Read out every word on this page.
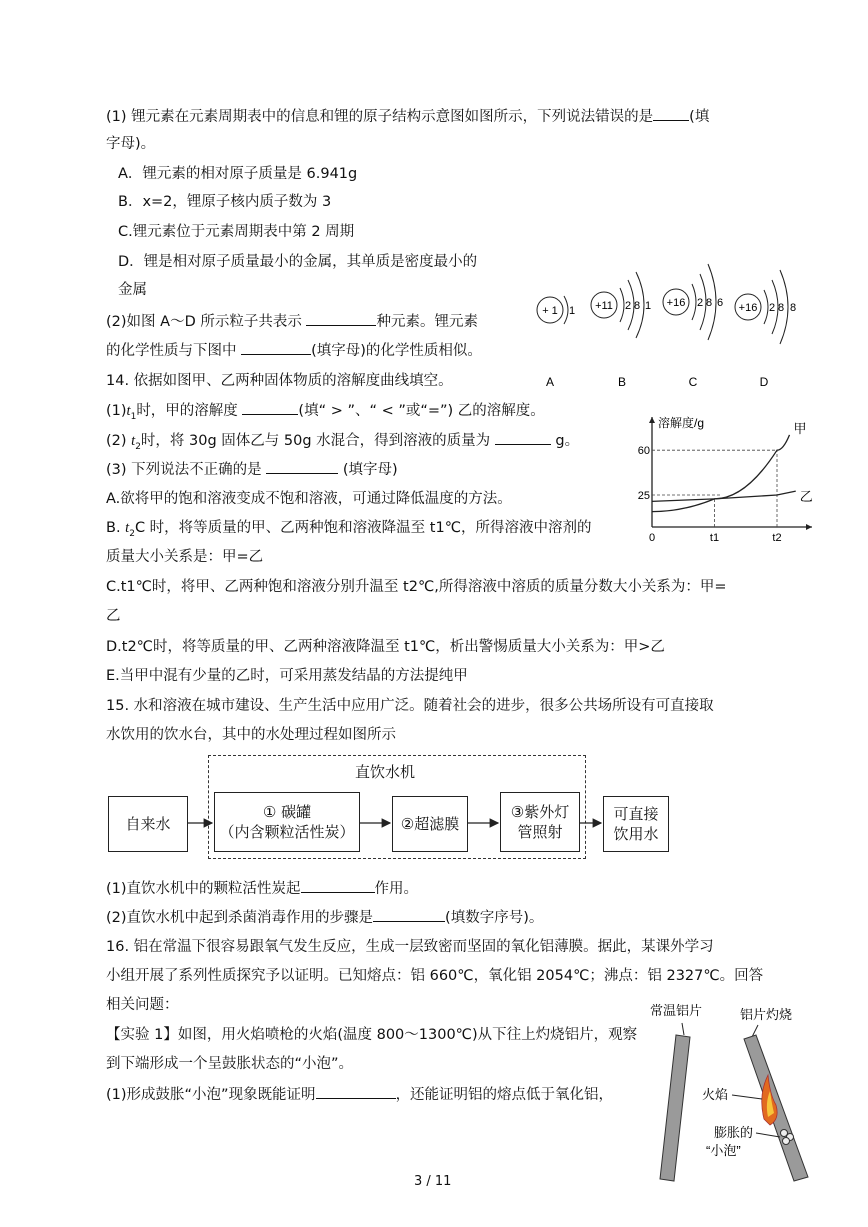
(1) 锂元素在元素周期表中的信息和锂的原子结构示意图如图所示，下列说法错误的是 (填
字母)。
A．锂元素的相对原子质量是 6.941g
B．x=2，锂原子核内质子数为 3
C.锂元素位于元素周期表中第 2 周期
D．锂是相对原子质量最小的金属，其单质是密度最小的
金属
(2)如图 A～D 所示粒子共表示	种元素。锂元素
的化学性质与下图中	(填字母)的化学性质相似。
+ 1 1
A
+11 2 8 1
B
+16 2 8 6
C
+16 2 8 8
D
14. 依据如图甲、乙两种固体物质的溶解度曲线填空。
$(1)t_1$时，甲的溶解度	(填“ > ”、“ < ”或“=”) 乙的溶解度。
(2) $t_2$时，将 30g 固体乙与 50g 水混合，得到溶液的质量为	g。
(3) 下列说法不正确的是	(填字母)
A.欲将甲的饱和溶液变成不饱和溶液，可通过降低温度的方法。
B. $t_2C$ 时，将等质量的甲、乙两种饱和溶液降温至 t1℃，所得溶液中溶剂的
质量大小关系是：甲=乙
C.t1℃时，将甲、乙两种饱和溶液分别升温至 t2℃,所得溶液中溶质的质量分数大小关系为：甲=
乙
D.t2℃时，将等质量的甲、乙两种溶液降温至 t1℃，析出警惕质量大小关系为：甲>乙
E.当甲中混有少量的乙时，可采用蒸发结晶的方法提纯甲
溶解度/g
25
60
0	t1	t2
甲
乙
15. 水和溶液在城市建设、生产生活中应用广泛。随着社会的进步，很多公共场所设有可直接取
水饮用的饮水台，其中的水处理过程如图所示
直饮水机
自来水
① 碳罐
（内含颗粒活性炭）	②超滤膜
③紫外灯
管照射
可直接
饮用水
(1)直饮水机中的颗粒活性炭起	作用。
(2)直饮水机中起到杀菌消毒作用的步骤是	(填数字序号)。
16. 铝在常温下很容易跟氧气发生反应，生成一层致密而坚固的氧化铝薄膜。据此，某课外学习
小组开展了系列性质探究予以证明。已知熔点：铝 660℃，氧化铝 2054℃；沸点：铝 2327℃。回答
相关问题：
【实验 1】如图，用火焰喷枪的火焰(温度 800～1300℃)从下往上灼烧铝片，观察
到下端形成一个呈鼓胀状态的“小泡”。
(1)形成鼓胀“小泡”现象既能证明	，还能证明铝的熔点低于氧化铝，
常温铝片	铝片灼烧
火焰
膨胀的
“小泡”
3 / 11
